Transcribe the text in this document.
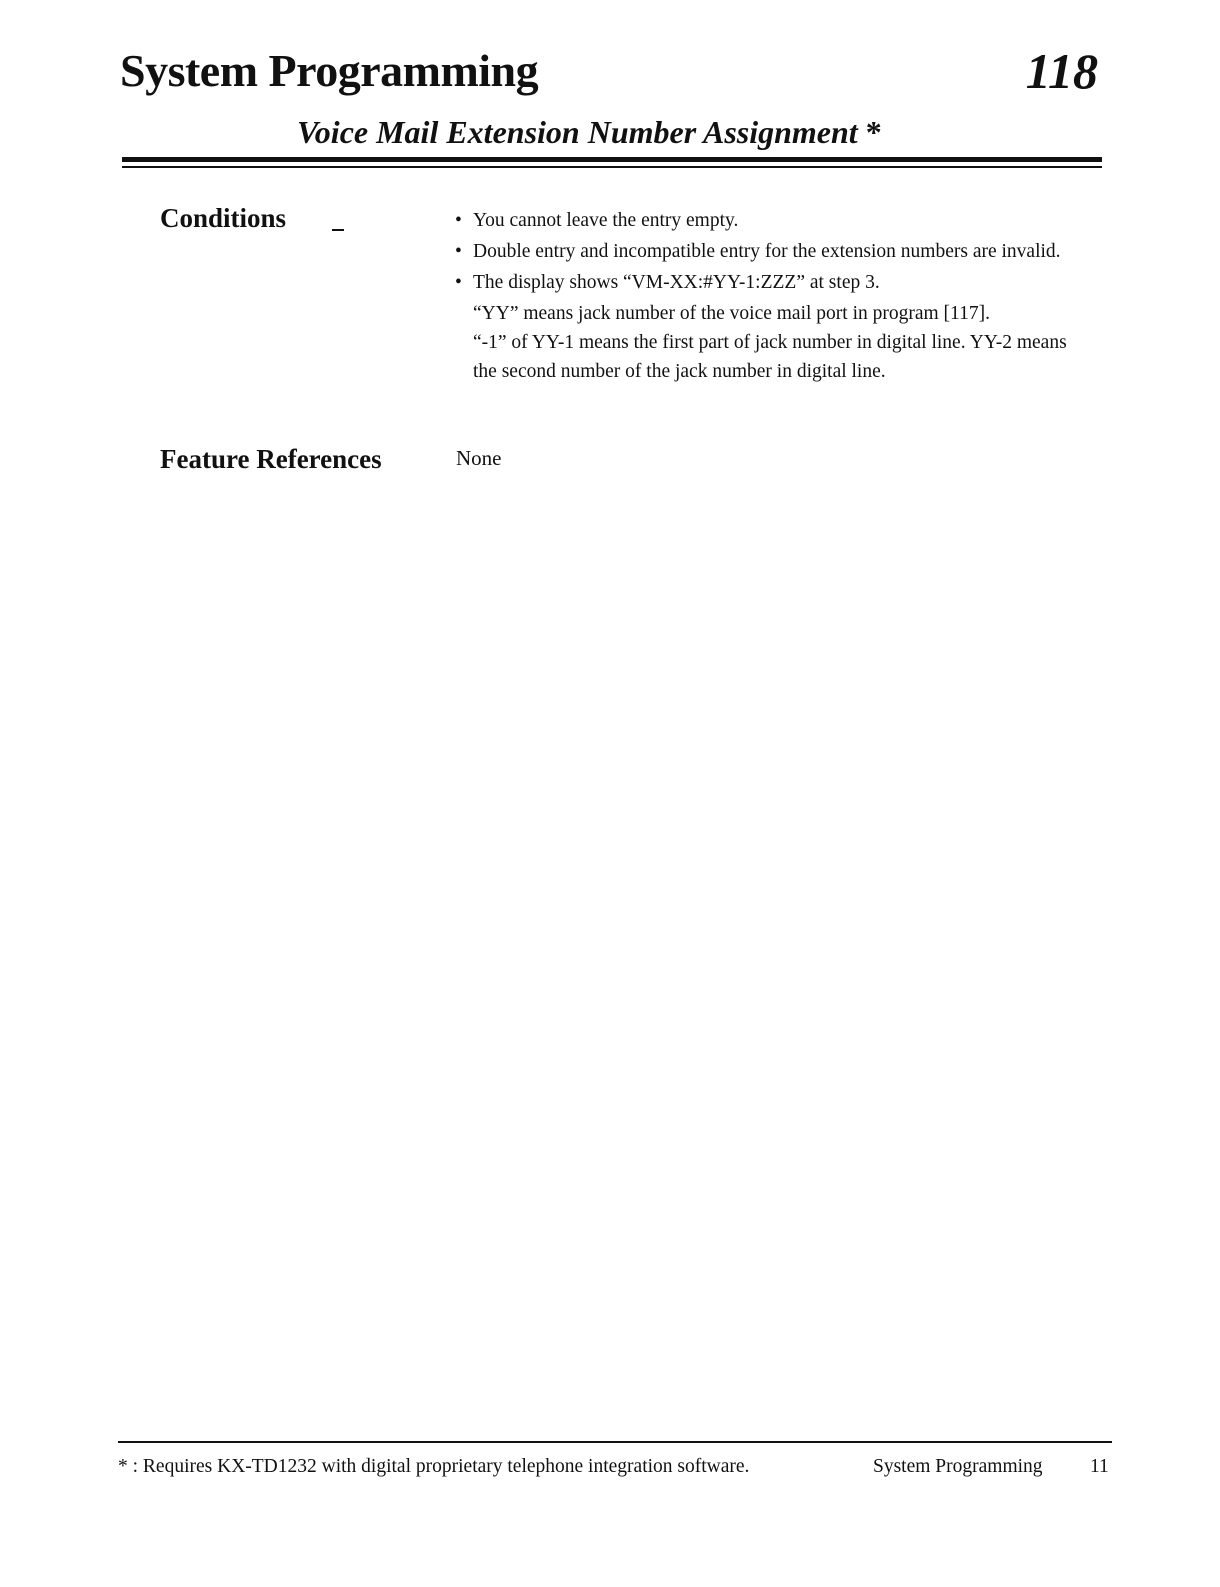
System Programming	118
Voice Mail Extension Number Assignment *
Conditions	• You cannot leave the entry empty.
• Double entry and incompatible entry for the extension numbers are invalid.
• The display shows “VM-XX:#YY-1:ZZZ” at step 3.
“YY” means jack number of the voice mail port in program [117].
“-1” of YY-1 means the first part of jack number in digital line. YY-2 means the second number of the jack number in digital line.
Feature References	None
* : Requires KX-TD1232 with digital proprietary telephone integration software.	System Programming 11
